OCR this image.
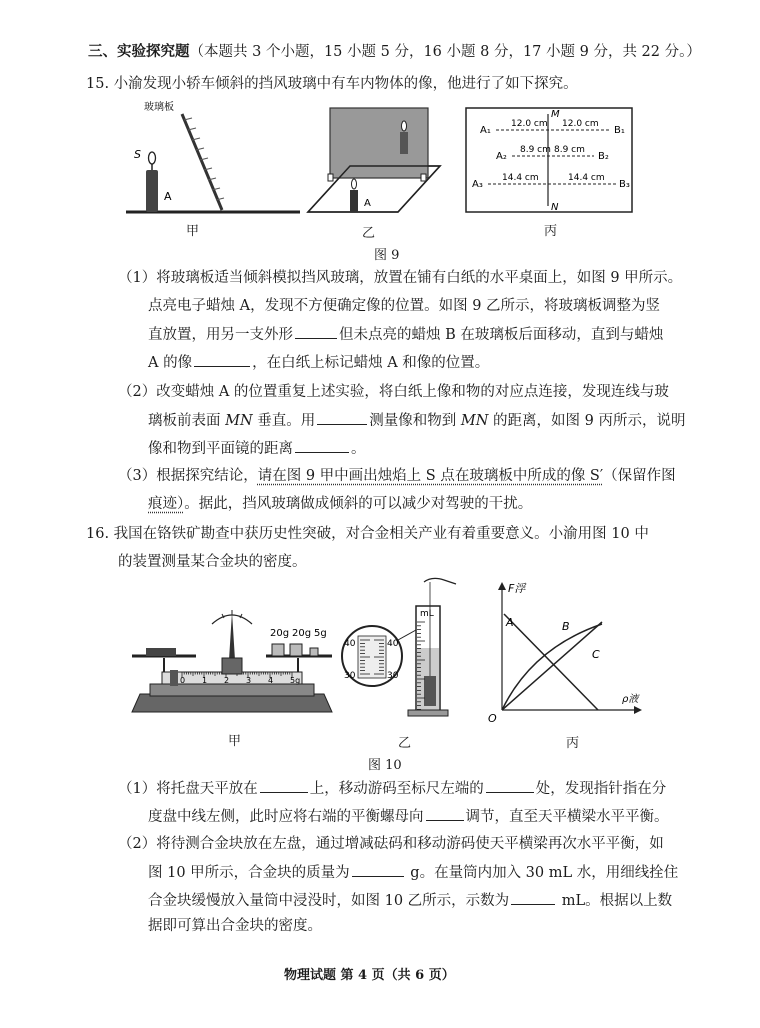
三、实验探究题（本题共 3 个小题，15 小题 5 分，16 小题 8 分，17 小题 9 分，共 22 分。）
15. 小渝发现小轿车倾斜的挡风玻璃中有车内物体的像，他进行了如下探究。
玻璃板
S
A
甲
A
乙
M
N
A₁
12.0 cm 12.0 cm
B₁
A₂
8.9 cm 8.9 cm
B₂
A₃
14.4 cm	14.4 cm
B₃
丙
图 9
（1）将玻璃板适当倾斜模拟挡风玻璃，放置在铺有白纸的水平桌面上，如图 9 甲所示。
点亮电子蜡烛 A，发现不方便确定像的位置。如图 9 乙所示，将玻璃板调整为竖
直放置，用另一支外形	但未点亮的蜡烛 B 在玻璃板后面移动，直到与蜡烛
A 的像	，在白纸上标记蜡烛 A 和像的位置。
（2）改变蜡烛 A 的位置重复上述实验，将白纸上像和物的对应点连接，发现连线与玻
璃板前表面 MN 垂直。用	测量像和物到 MN 的距离，如图 9 丙所示，说明
像和物到平面镜的距离	。
（3）根据探究结论，请在图 9 甲中画出烛焰上 S 点在玻璃板中所成的像 S′（保留作图
痕迹）。据此，挡风玻璃做成倾斜的可以减少对驾驶的干扰。
16. 我国在铬铁矿勘查中获历史性突破，对合金相关产业有着重要意义。小渝用图 10 中
的装置测量某合金块的密度。
0 1 2 3 4 5g
20g 20g 5g
甲
40	40
30	30
mL
乙
F浮
ρ液
O
A	B
C
丙
图 10
（1）将托盘天平放在	上，移动游码至标尺左端的	处，发现指针指在分
度盘中线左侧，此时应将右端的平衡螺母向	调节，直至天平横梁水平平衡。
（2）将待测合金块放在左盘，通过增减砝码和移动游码使天平横梁再次水平平衡，如
图 10 甲所示，合金块的质量为	g。在量筒内加入 30 mL 水，用细线拴住
合金块缓慢放入量筒中浸没时，如图 10 乙所示，示数为	mL。根据以上数
据即可算出合金块的密度。
物理试题 第 4 页（共 6 页）
